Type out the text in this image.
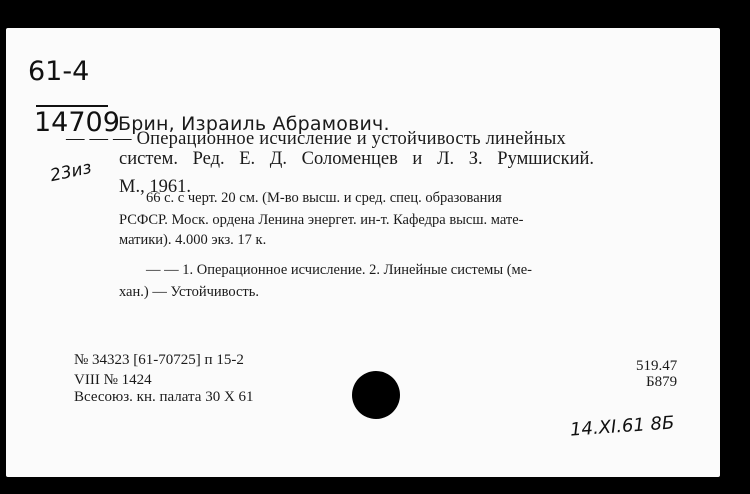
61-4
14709
23из
Брин, Израиль Абрамович.
— — — Операционное исчисление и устойчивость линейных
систем. Ред. Е. Д. Соломенцев и Л. З. Румшиский.
М., 1961.
66 с. с черт. 20 см. (М-во высш. и сред. спец. образования
РСФСР. Моск. ордена Ленина энергет. ин-т. Кафедра высш. мате-
матики). 4.000 экз. 17 к.
— — 1. Операционное исчисление. 2. Линейные системы (ме-
хан.) — Устойчивость.
№ 34323 [61-70725] п 15-2
VIII № 1424
Всесоюз. кн. палата 30 X 61
519.47
Б879
14.XI.61 8Б
